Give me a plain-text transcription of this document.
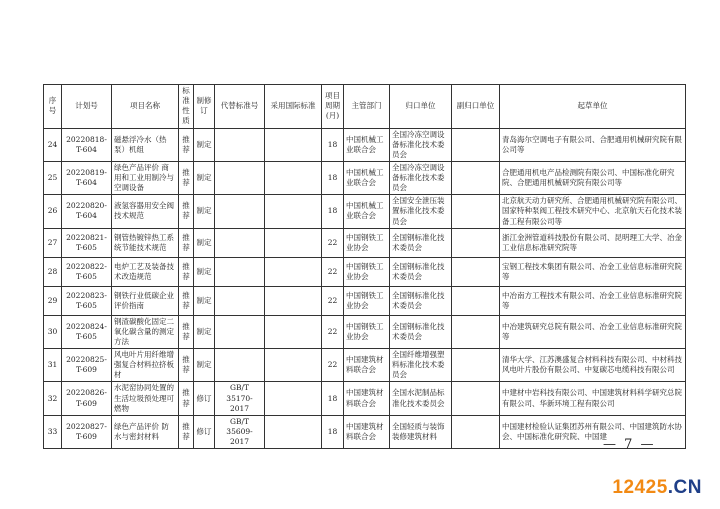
序号	计划号	项目名称	标准性质	制修订	代替标准号	采用国际标准	项目周期(月)	主管部门	归口单位	副归口单位	起草单位
24	20220818-T-604	磁悬浮冷水（热泵）机组	推荐	制定			18	中国机械工业联合会	全国冷冻空调设备标准化技术委员会		青岛海尔空调电子有限公司、合肥通用机械研究院有限公司等
25	20220819-T-604	绿色产品评价 商用和工业用制冷与空调设备	推荐	制定			18	中国机械工业联合会	全国冷冻空调设备标准化技术委员会		合肥通用机电产品检测院有限公司、中国标准化研究院、合肥通用机械研究院有限公司等
26	20220820-T-604	液氢容器用安全阀技术规范	推荐	制定			18	中国机械工业联合会	全国安全泄压装置标准化技术委员会		北京航天动力研究所、合肥通用机械研究院有限公司、国家特种泵阀工程技术研究中心、北京航天石化技术装备工程有限公司等
27	20220821-T-605	钢管热镀锌热工系统节能技术规范	推荐	制定			22	中国钢铁工业协会	全国钢标准化技术委员会		浙江金洲管道科技股份有限公司、昆明理工大学、冶金工业信息标准研究院等
28	20220822-T-605	电炉工艺及装备技术改造规范	推荐	制定			22	中国钢铁工业协会	全国钢标准化技术委员会		宝钢工程技术集团有限公司、冶金工业信息标准研究院等
29	20220823-T-605	钢铁行业低碳企业评价指南	推荐	制定			22	中国钢铁工业协会	全国钢标准化技术委员会		中冶南方工程技术有限公司、冶金工业信息标准研究院等
30	20220824-T-605	钢渣碳酸化固定二氧化碳含量的测定方法	推荐	制定			22	中国钢铁工业协会	全国钢标准化技术委员会		中冶建筑研究总院有限公司、冶金工业信息标准研究院等
31	20220825-T-609	风电叶片用纤维增强复合材料拉挤板材	推荐	制定			22	中国建筑材料联合会	全国纤维增强塑料标准化技术委员会		清华大学、江苏澳盛复合材料科技有限公司、中材科技风电叶片股份有限公司、中复碳芯电缆科技有限公司
32	20220826-T-609	水泥窑协同处置的生活垃圾预处理可燃物	推荐	修订	GB/T 35170-2017		18	中国建筑材料联合会	全国水泥制品标准化技术委员会		中建材中岩科技有限公司、中国建筑材料科学研究总院有限公司、华新环境工程有限公司
33	20220827-T-609	绿色产品评价 防水与密封材料	推荐	修订	GB/T 35609-2017		18	中国建筑材料联合会	全国轻质与装饰装修建筑材料		中国建材检验认证集团苏州有限公司、中国建筑防水协会、中国标准化研究院、中国建
— 7 —
12425.CN
